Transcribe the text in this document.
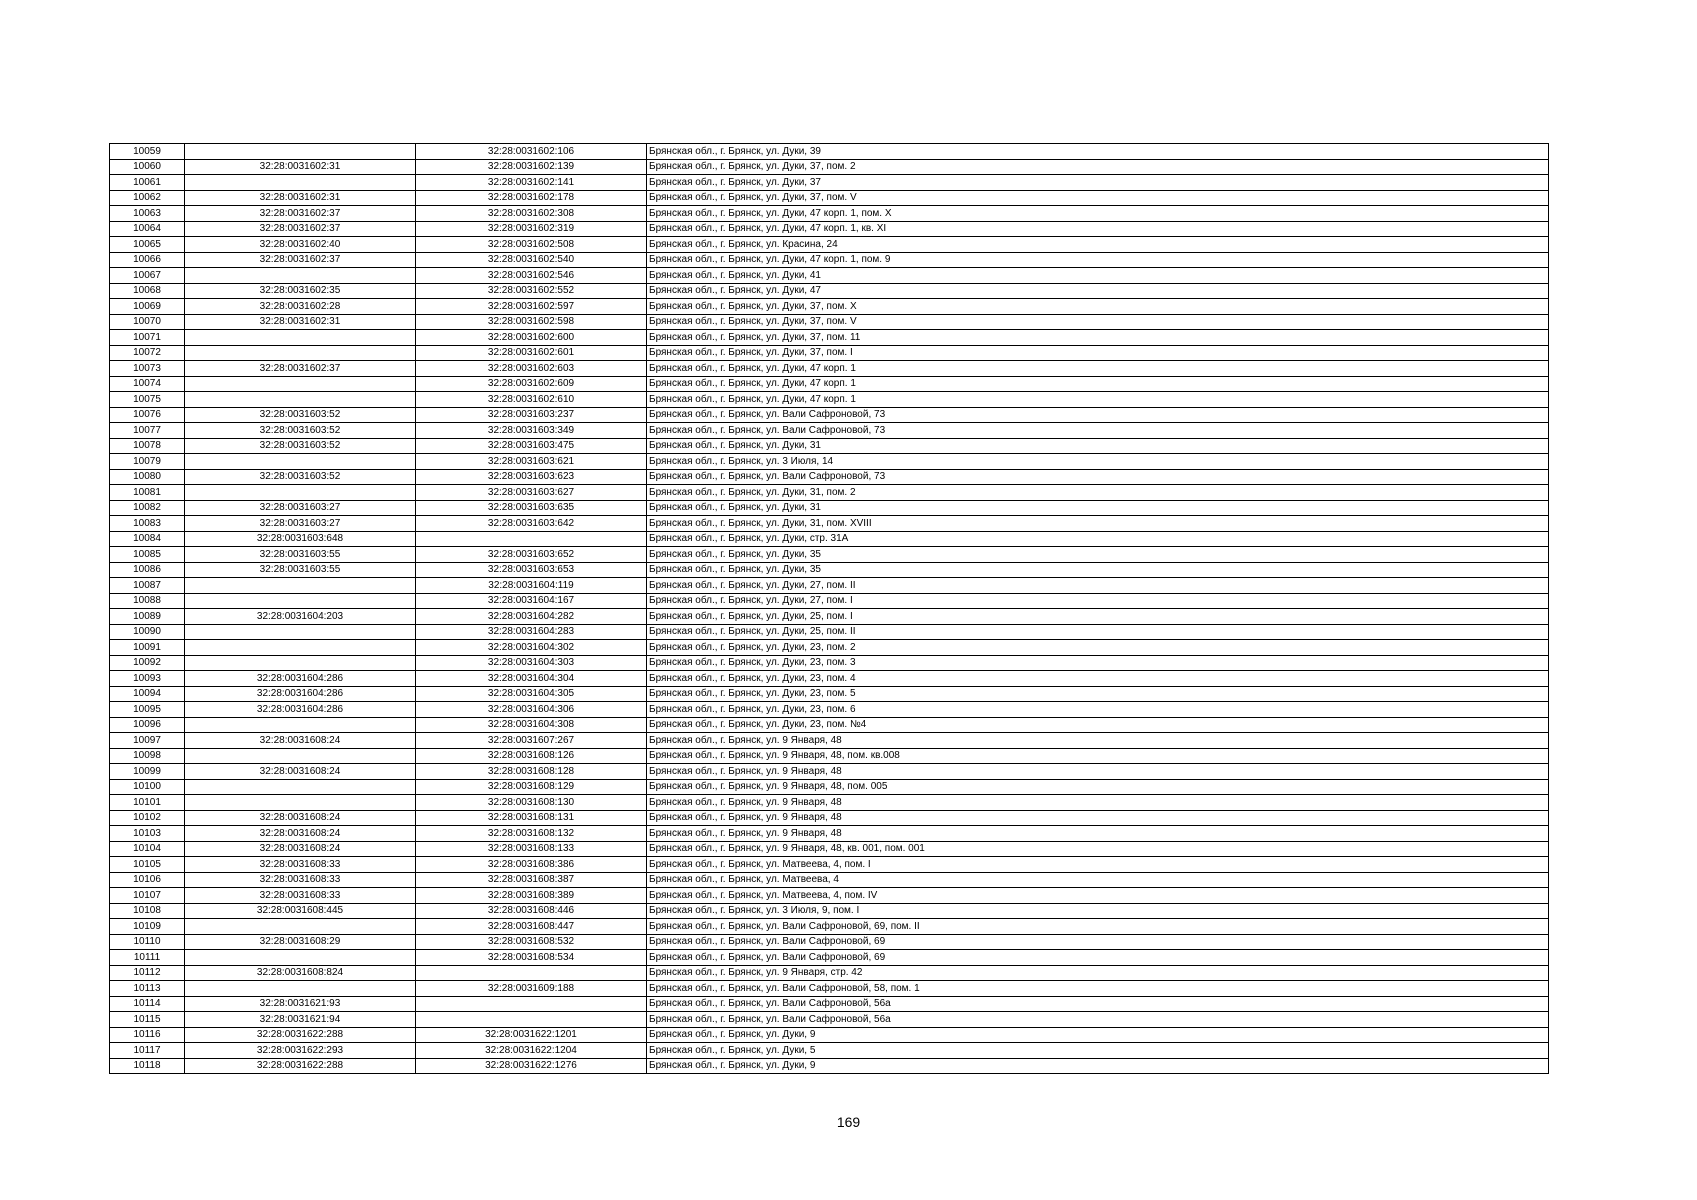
10059		32:28:0031602:106	Брянская обл., г. Брянск, ул. Дуки, 39
10060	32:28:0031602:31	32:28:0031602:139	Брянская обл., г. Брянск, ул. Дуки, 37, пом. 2
10061		32:28:0031602:141	Брянская обл., г. Брянск, ул. Дуки, 37
10062	32:28:0031602:31	32:28:0031602:178	Брянская обл., г. Брянск, ул. Дуки, 37, пом. V
10063	32:28:0031602:37	32:28:0031602:308	Брянская обл., г. Брянск, ул. Дуки, 47 корп. 1, пом. X
10064	32:28:0031602:37	32:28:0031602:319	Брянская обл., г. Брянск, ул. Дуки, 47 корп. 1, кв. XI
10065	32:28:0031602:40	32:28:0031602:508	Брянская обл., г. Брянск, ул. Красина, 24
10066	32:28:0031602:37	32:28:0031602:540	Брянская обл., г. Брянск, ул. Дуки, 47 корп. 1, пом. 9
10067		32:28:0031602:546	Брянская обл., г. Брянск, ул. Дуки, 41
10068	32:28:0031602:35	32:28:0031602:552	Брянская обл., г. Брянск, ул. Дуки, 47
10069	32:28:0031602:28	32:28:0031602:597	Брянская обл., г. Брянск, ул. Дуки, 37, пом. X
10070	32:28:0031602:31	32:28:0031602:598	Брянская обл., г. Брянск, ул. Дуки, 37, пом. V
10071		32:28:0031602:600	Брянская обл., г. Брянск, ул. Дуки, 37, пом. 11
10072		32:28:0031602:601	Брянская обл., г. Брянск, ул. Дуки, 37, пом. I
10073	32:28:0031602:37	32:28:0031602:603	Брянская обл., г. Брянск, ул. Дуки, 47 корп. 1
10074		32:28:0031602:609	Брянская обл., г. Брянск, ул. Дуки, 47 корп. 1
10075		32:28:0031602:610	Брянская обл., г. Брянск, ул. Дуки, 47 корп. 1
10076	32:28:0031603:52	32:28:0031603:237	Брянская обл., г. Брянск, ул. Вали Сафроновой, 73
10077	32:28:0031603:52	32:28:0031603:349	Брянская обл., г. Брянск, ул. Вали Сафроновой, 73
10078	32:28:0031603:52	32:28:0031603:475	Брянская обл., г. Брянск, ул. Дуки, 31
10079		32:28:0031603:621	Брянская обл., г. Брянск, ул. 3 Июля, 14
10080	32:28:0031603:52	32:28:0031603:623	Брянская обл., г. Брянск, ул. Вали Сафроновой, 73
10081		32:28:0031603:627	Брянская обл., г. Брянск, ул. Дуки, 31, пом. 2
10082	32:28:0031603:27	32:28:0031603:635	Брянская обл., г. Брянск, ул. Дуки, 31
10083	32:28:0031603:27	32:28:0031603:642	Брянская обл., г. Брянск, ул. Дуки, 31, пом. XVIII
10084	32:28:0031603:648		Брянская обл., г. Брянск, ул. Дуки, стр. 31А
10085	32:28:0031603:55	32:28:0031603:652	Брянская обл., г. Брянск, ул. Дуки, 35
10086	32:28:0031603:55	32:28:0031603:653	Брянская обл., г. Брянск, ул. Дуки, 35
10087		32:28:0031604:119	Брянская обл., г. Брянск, ул. Дуки, 27, пом. II
10088		32:28:0031604:167	Брянская обл., г. Брянск, ул. Дуки, 27, пом. I
10089	32:28:0031604:203	32:28:0031604:282	Брянская обл., г. Брянск, ул. Дуки, 25, пом. I
10090		32:28:0031604:283	Брянская обл., г. Брянск, ул. Дуки, 25, пом. II
10091		32:28:0031604:302	Брянская обл., г. Брянск, ул. Дуки, 23, пом. 2
10092		32:28:0031604:303	Брянская обл., г. Брянск, ул. Дуки, 23, пом. 3
10093	32:28:0031604:286	32:28:0031604:304	Брянская обл., г. Брянск, ул. Дуки, 23, пом. 4
10094	32:28:0031604:286	32:28:0031604:305	Брянская обл., г. Брянск, ул. Дуки, 23, пом. 5
10095	32:28:0031604:286	32:28:0031604:306	Брянская обл., г. Брянск, ул. Дуки, 23, пом. 6
10096		32:28:0031604:308	Брянская обл., г. Брянск, ул. Дуки, 23, пом. №4
10097	32:28:0031608:24	32:28:0031607:267	Брянская обл., г. Брянск, ул. 9 Января, 48
10098		32:28:0031608:126	Брянская обл., г. Брянск, ул. 9 Января, 48, пом. кв.008
10099	32:28:0031608:24	32:28:0031608:128	Брянская обл., г. Брянск, ул. 9 Января, 48
10100		32:28:0031608:129	Брянская обл., г. Брянск, ул. 9 Января, 48, пом. 005
10101		32:28:0031608:130	Брянская обл., г. Брянск, ул. 9 Января, 48
10102	32:28:0031608:24	32:28:0031608:131	Брянская обл., г. Брянск, ул. 9 Января, 48
10103	32:28:0031608:24	32:28:0031608:132	Брянская обл., г. Брянск, ул. 9 Января, 48
10104	32:28:0031608:24	32:28:0031608:133	Брянская обл., г. Брянск, ул. 9 Января, 48, кв. 001, пом. 001
10105	32:28:0031608:33	32:28:0031608:386	Брянская обл., г. Брянск, ул. Матвеева, 4, пом. I
10106	32:28:0031608:33	32:28:0031608:387	Брянская обл., г. Брянск, ул. Матвеева, 4
10107	32:28:0031608:33	32:28:0031608:389	Брянская обл., г. Брянск, ул. Матвеева, 4, пом. IV
10108	32:28:0031608:445	32:28:0031608:446	Брянская обл., г. Брянск, ул. 3 Июля, 9, пом. I
10109		32:28:0031608:447	Брянская обл., г. Брянск, ул. Вали Сафроновой, 69, пом. II
10110	32:28:0031608:29	32:28:0031608:532	Брянская обл., г. Брянск, ул. Вали Сафроновой, 69
10111		32:28:0031608:534	Брянская обл., г. Брянск, ул. Вали Сафроновой, 69
10112	32:28:0031608:824		Брянская обл., г. Брянск, ул. 9 Января, стр. 42
10113		32:28:0031609:188	Брянская обл., г. Брянск, ул. Вали Сафроновой, 58, пом. 1
10114	32:28:0031621:93		Брянская обл., г. Брянск, ул. Вали Сафроновой, 56а
10115	32:28:0031621:94		Брянская обл., г. Брянск, ул. Вали Сафроновой, 56а
10116	32:28:0031622:288	32:28:0031622:1201	Брянская обл., г. Брянск, ул. Дуки, 9
10117	32:28:0031622:293	32:28:0031622:1204	Брянская обл., г. Брянск, ул. Дуки, 5
10118	32:28:0031622:288	32:28:0031622:1276	Брянская обл., г. Брянск, ул. Дуки, 9
169
